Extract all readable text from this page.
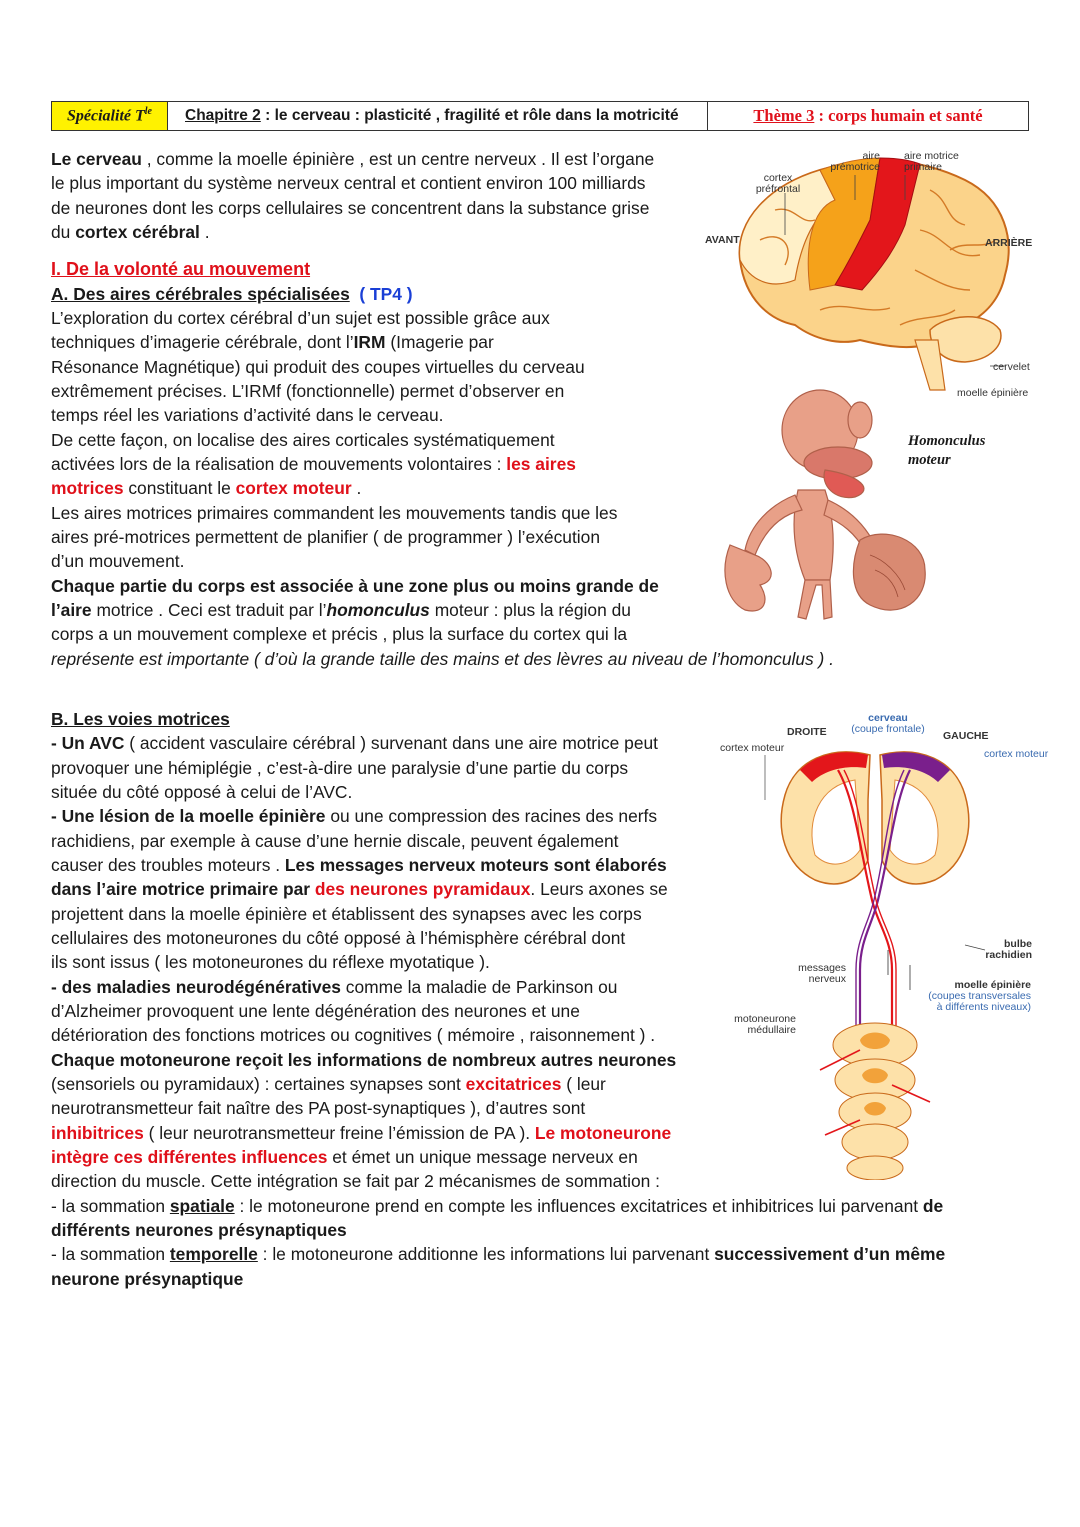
Spécialité $T^{le}$ Chapitre 2 : le cerveau : plasticité , fragilité et rôle dans la motricité	Thème 3 : corps humain et santé
Le cerveau , comme la moelle épinière , est un centre nerveux . Il est l’organe
le plus important du système nerveux central et contient environ 100 milliards
de neurones dont les corps cellulaires se concentrent dans la substance grise
du cortex cérébral .
I. De la volonté au mouvement
A. Des aires cérébrales spécialisées ( TP4 )
L’exploration du cortex cérébral d’un sujet est possible grâce aux
techniques d’imagerie cérébrale, dont l’IRM (Imagerie par
Résonance Magnétique) qui produit des coupes virtuelles du cerveau
extrêmement précises. L’IRMf (fonctionnelle) permet d’observer en
temps réel les variations d’activité dans le cerveau.
De cette façon, on localise des aires corticales systématiquement
activées lors de la réalisation de mouvements volontaires : les aires
motrices constituant le cortex moteur .
Les aires motrices primaires commandent les mouvements tandis que les
aires pré-motrices permettent de planifier ( de programmer ) l’exécution
d’un mouvement.
Chaque partie du corps est associée à une zone plus ou moins grande de
l’aire motrice . Ceci est traduit par l’homonculus moteur : plus la région du
corps a un mouvement complexe et précis , plus la surface du cortex qui la
représente est importante ( d’où la grande taille des mains et des lèvres au niveau de l’homonculus ) .
cortex
préfrontal
aire
prémotrice
aire motrice
primaire
AVANT	ARRIÈRE
cervelet
moelle épinière
Homonculus
moteur
B. Les voies motrices
- Un AVC ( accident vasculaire cérébral ) survenant dans une aire motrice peut
provoquer une hémiplégie , c’est-à-dire une paralysie d’une partie du corps
située du côté opposé à celui de l’AVC.
- Une lésion de la moelle épinière ou une compression des racines des nerfs
rachidiens, par exemple à cause d’une hernie discale, peuvent également
causer des troubles moteurs . Les messages nerveux moteurs sont élaborés
dans l’aire motrice primaire par des neurones pyramidaux. Leurs axones se
projettent dans la moelle épinière et établissent des synapses avec les corps
cellulaires des motoneurones du côté opposé à l’hémisphère cérébral dont
ils sont issus ( les motoneurones du réflexe myotatique ).
- des maladies neurodégénératives comme la maladie de Parkinson ou
d’Alzheimer provoquent une lente dégénération des neurones et une
détérioration des fonctions motrices ou cognitives ( mémoire , raisonnement ) .
Chaque motoneurone reçoit les informations de nombreux autres neurones
(sensoriels ou pyramidaux) : certaines synapses sont excitatrices ( leur
neurotransmetteur fait naître des PA post-synaptiques ), d’autres sont
inhibitrices ( leur neurotransmetteur freine l’émission de PA ). Le motoneurone
intègre ces différentes influences et émet un unique message nerveux en
direction du muscle. Cette intégration se fait par 2 mécanismes de sommation :
- la sommation spatiale : le motoneurone prend en compte les influences excitatrices et inhibitrices lui parvenant de
différents neurones présynaptiques
- la sommation temporelle : le motoneurone additionne les informations lui parvenant successivement d’un même
neurone présynaptique
cerveau
(coupe frontale)
DROITE	GAUCHE
cortex moteur	cortex moteur
bulbe
rachidien
messages
nerveux	moelle épinière
(coupes transversales
à différents niveaux)
motoneurone
médullaire
